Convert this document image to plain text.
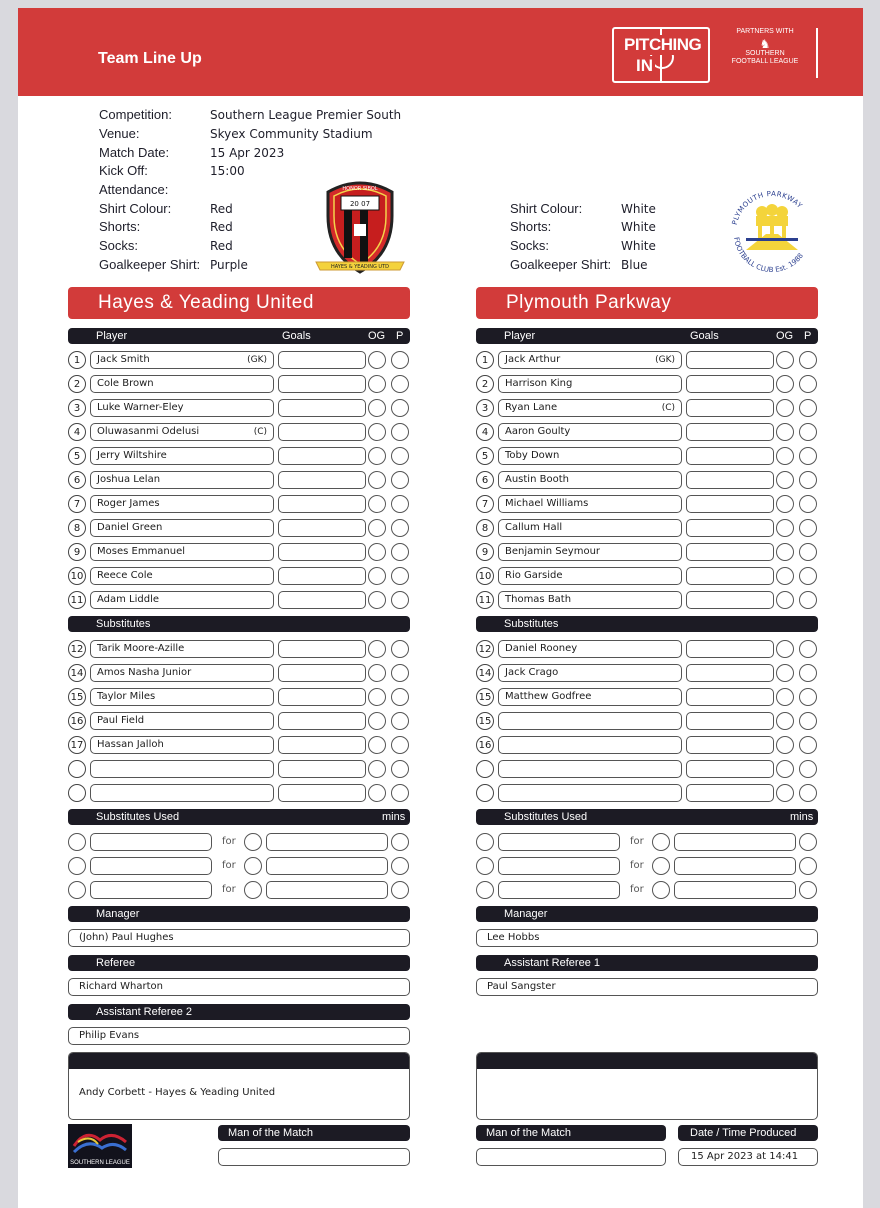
Team Line Up
PITCHING
IN
PARTNERS WITH
♞
SOUTHERN
FOOTBALL LEAGUE
Competition:	Southern League Premier South
Venue:	Skyex Community Stadium
Match Date:	15 Apr 2023
Kick Off:	15:00
Attendance:
Shirt Colour:	Red
Shorts:	Red
Socks:	Red
Goalkeeper Shirt: Purple
20 07
HONOR SIBOL
HAYES & YEADING UTD
Shirt Colour:	White
Shorts:	White
Socks:	White
Goalkeeper Shirt: Blue
PLYMOUTH PARKWAY
FOOTBALL CLUB Est. 1988
Hayes & Yeading United
Player	Goals	OG P
1	Jack Smith	(GK)
2	Cole Brown
3	Luke Warner-Eley
4	Oluwasanmi Odelusi	(C)
5	Jerry Wiltshire
6	Joshua Lelan
7	Roger James
8	Daniel Green
9	Moses Emmanuel
10	Reece Cole
11	Adam Liddle
Substitutes
12	Tarik Moore-Azille
14	Amos Nasha Junior
15	Taylor Miles
16	Paul Field
17	Hassan Jalloh
Substitutes Used	mins
for
for
for
Manager
(John) Paul Hughes
Referee
Richard Wharton
Assistant Referee 2
Philip Evans
Andy Corbett - Hayes & Yeading United
SOUTHERN LEAGUE
Man of the Match
Plymouth Parkway
Player	Goals	OG P
1	Jack Arthur	(GK)
2	Harrison King
3	Ryan Lane	(C)
4	Aaron Goulty
5	Toby Down
6	Austin Booth
7	Michael Williams
8	Callum Hall
9	Benjamin Seymour
10	Rio Garside
11	Thomas Bath
Substitutes
12	Daniel Rooney
14	Jack Crago
15	Matthew Godfree
15
16
Substitutes Used	mins
for
for
for
Manager
Lee Hobbs
Assistant Referee 1
Paul Sangster
Man of the Match	Date / Time Produced
15 Apr 2023 at 14:41
